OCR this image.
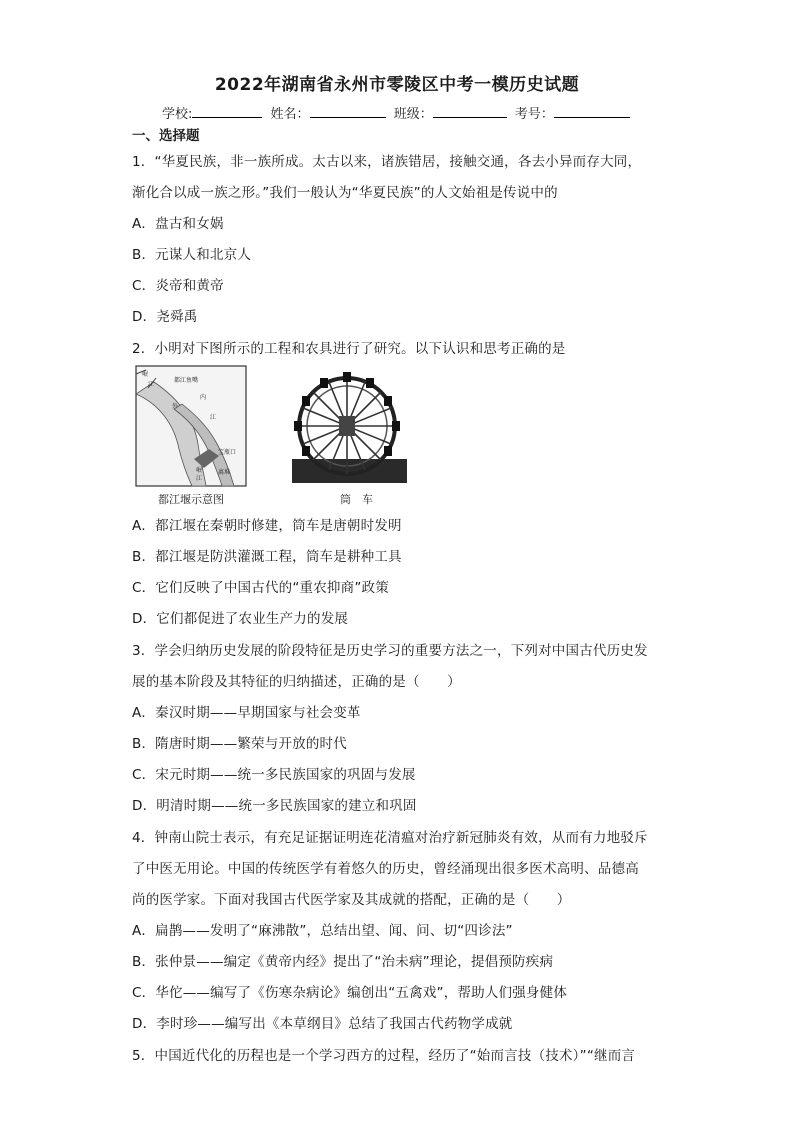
2022年湖南省永州市零陵区中考一模历史试题
学校:	姓名：	班级：	考号：
一、选择题
1．“华夏民族，非一族所成。太古以来，诸族错居，接触交通，各去小异而存大同，
渐化合以成一族之形。”我们一般认为“华夏民族”的人文始祖是传说中的
A．盘古和女娲
B．元谋人和北京人
C．炎帝和黄帝
D．尧舜禹
2．小明对下图所示的工程和农具进行了研究。以下认识和思考正确的是
岷
江
都江鱼嘴
外
内
江
宝瓶口
离堆
岷
江
都江堰示意图	筒　车
A．都江堰在秦朝时修建，筒车是唐朝时发明
B．都江堰是防洪灌溉工程，筒车是耕种工具
C．它们反映了中国古代的“重农抑商”政策
D．它们都促进了农业生产力的发展
3．学会归纳历史发展的阶段特征是历史学习的重要方法之一，下列对中国古代历史发
展的基本阶段及其特征的归纳描述，正确的是（　　）
A．秦汉时期——早期国家与社会变革
B．隋唐时期——繁荣与开放的时代
C．宋元时期——统一多民族国家的巩固与发展
D．明清时期——统一多民族国家的建立和巩固
4．钟南山院士表示，有充足证据证明连花清瘟对治疗新冠肺炎有效，从而有力地驳斥
了中医无用论。中国的传统医学有着悠久的历史，曾经涌现出很多医术高明、品德高
尚的医学家。下面对我国古代医学家及其成就的搭配，正确的是（　　）
A．扁鹊——发明了“麻沸散”，总结出望、闻、问、切“四诊法”
B．张仲景——编定《黄帝内经》提出了“治未病”理论，提倡预防疾病
C．华佗——编写了《伤寒杂病论》编创出“五禽戏”，帮助人们强身健体
D．李时珍——编写出《本草纲目》总结了我国古代药物学成就
5．中国近代化的历程也是一个学习西方的过程，经历了“始而言技（技术）”“继而言
